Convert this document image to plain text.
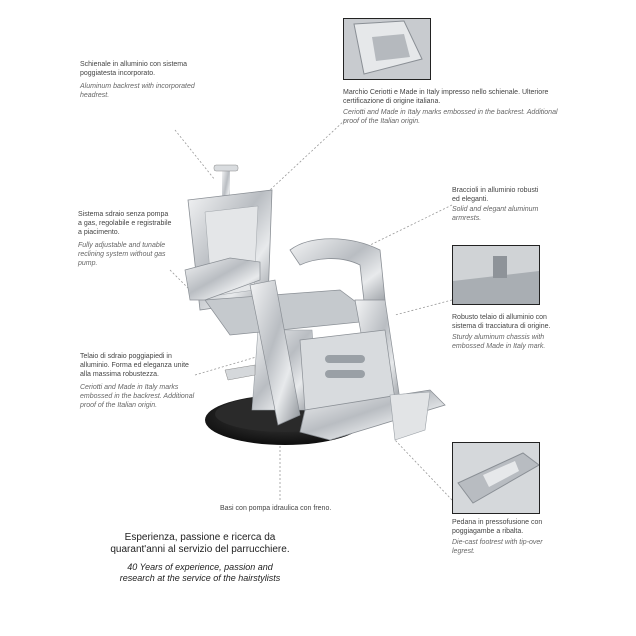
Schienale in alluminio con sistema poggiatesta incorporato.

Aluminum backrest with incorporated headrest.	Marchio Ceriotti e Made in Italy impresso nello schienale. Ulteriore certificazione di origine italiana.

Ceriotti and Made in Italy marks embossed in the backrest. Additional proof of the Italian origin.

Sistema sdraio senza pompa a gas, regolabile e registrabile a piacimento.

Fully adjustable and tunable reclining system without gas pump.

Braccioli in alluminio robusti ed eleganti.

Solid and elegant aluminum armrests.

Robusto telaio di alluminio con sistema di tracciatura di origine.

Sturdy aluminum chassis with embossed Made in Italy mark.

Telaio di sdraio poggiapiedi in alluminio. Forma ed eleganza unite alla massima robustezza.

Ceriotti and Made in Italy marks embossed in the backrest. Additional proof of the Italian origin.

Basi con pompa idraulica con freno.

Pedana in pressofusione con poggiagambe a ribalta.

Die-cast footrest with tip-over legrest.

Esperienza, passione e ricerca da quarant'anni al servizio del parrucchiere.
40 Years of experience, passion and research at the service of the hairstylists
